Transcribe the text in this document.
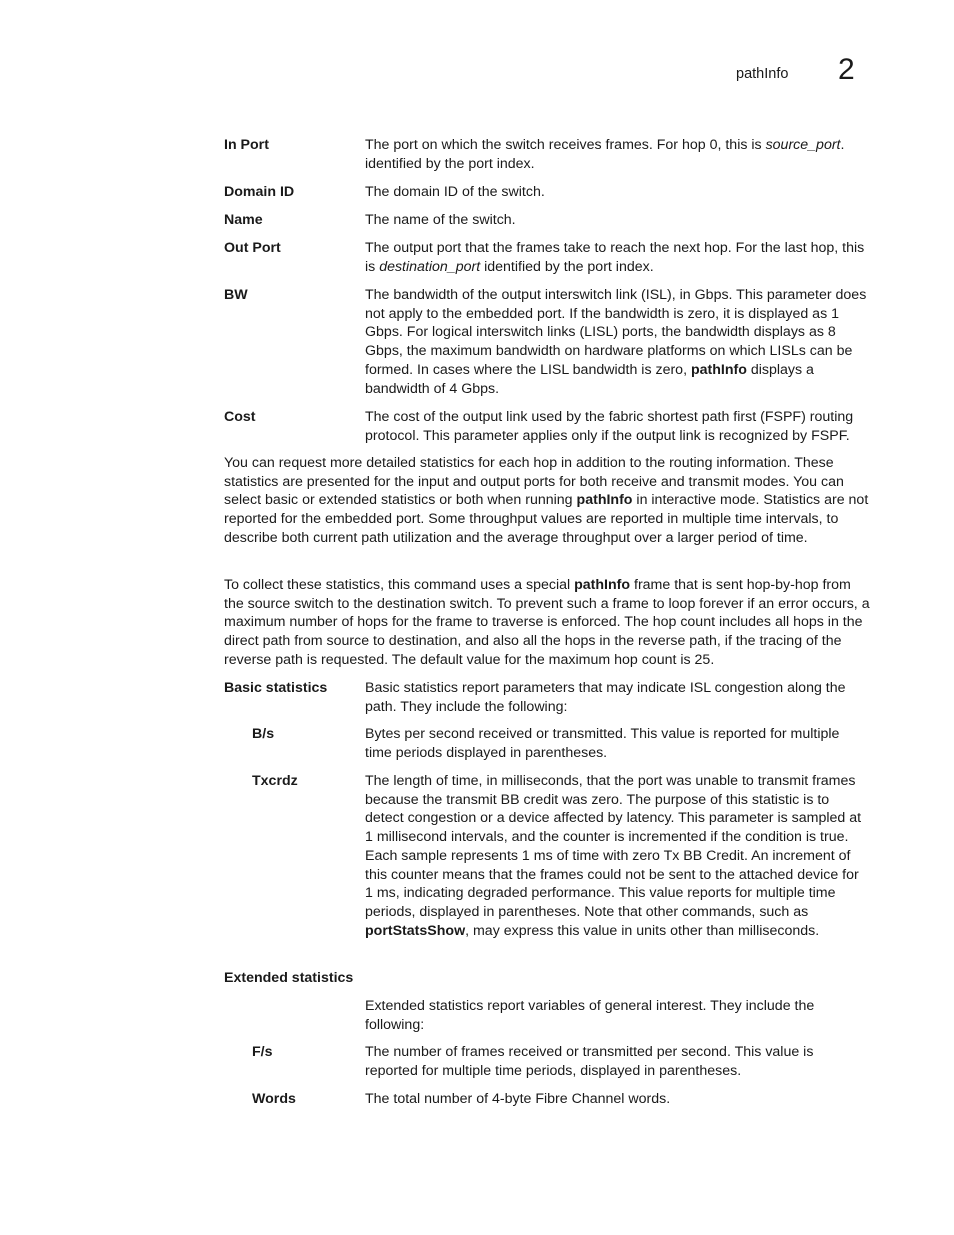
pathInfo 2
In Port	The port on which the switch receives frames. For hop 0, this is source_port. identified by the port index.
Domain ID	The domain ID of the switch.
Name	The name of the switch.
Out Port	The output port that the frames take to reach the next hop. For the last hop, this is destination_port identified by the port index.
BW	The bandwidth of the output interswitch link (ISL), in Gbps. This parameter does not apply to the embedded port. If the bandwidth is zero, it is displayed as 1 Gbps. For logical interswitch links (LISL) ports, the bandwidth displays as 8 Gbps, the maximum bandwidth on hardware platforms on which LISLs can be formed. In cases where the LISL bandwidth is zero, pathInfo displays a bandwidth of 4 Gbps.
Cost	The cost of the output link used by the fabric shortest path first (FSPF) routing protocol. This parameter applies only if the output link is recognized by FSPF.
You can request more detailed statistics for each hop in addition to the routing information. These statistics are presented for the input and output ports for both receive and transmit modes. You can select basic or extended statistics or both when running pathInfo in interactive mode. Statistics are not reported for the embedded port. Some throughput values are reported in multiple time intervals, to describe both current path utilization and the average throughput over a larger period of time.
To collect these statistics, this command uses a special pathInfo frame that is sent hop-by-hop from the source switch to the destination switch. To prevent such a frame to loop forever if an error occurs, a maximum number of hops for the frame to traverse is enforced. The hop count includes all hops in the direct path from source to destination, and also all the hops in the reverse path, if the tracing of the reverse path is requested. The default value for the maximum hop count is 25.
Basic statistics	Basic statistics report parameters that may indicate ISL congestion along the path. They include the following:
B/s	Bytes per second received or transmitted. This value is reported for multiple time periods displayed in parentheses.
Txcrdz	The length of time, in milliseconds, that the port was unable to transmit frames because the transmit BB credit was zero. The purpose of this statistic is to detect congestion or a device affected by latency. This parameter is sampled at 1 millisecond intervals, and the counter is incremented if the condition is true. Each sample represents 1 ms of time with zero Tx BB Credit. An increment of this counter means that the frames could not be sent to the attached device for 1 ms, indicating degraded performance. This value reports for multiple time periods, displayed in parentheses. Note that other commands, such as portStatsShow, may express this value in units other than milliseconds.
Extended statistics
Extended statistics report variables of general interest. They include the following:
F/s	The number of frames received or transmitted per second. This value is reported for multiple time periods, displayed in parentheses.
Words	The total number of 4-byte Fibre Channel words.
